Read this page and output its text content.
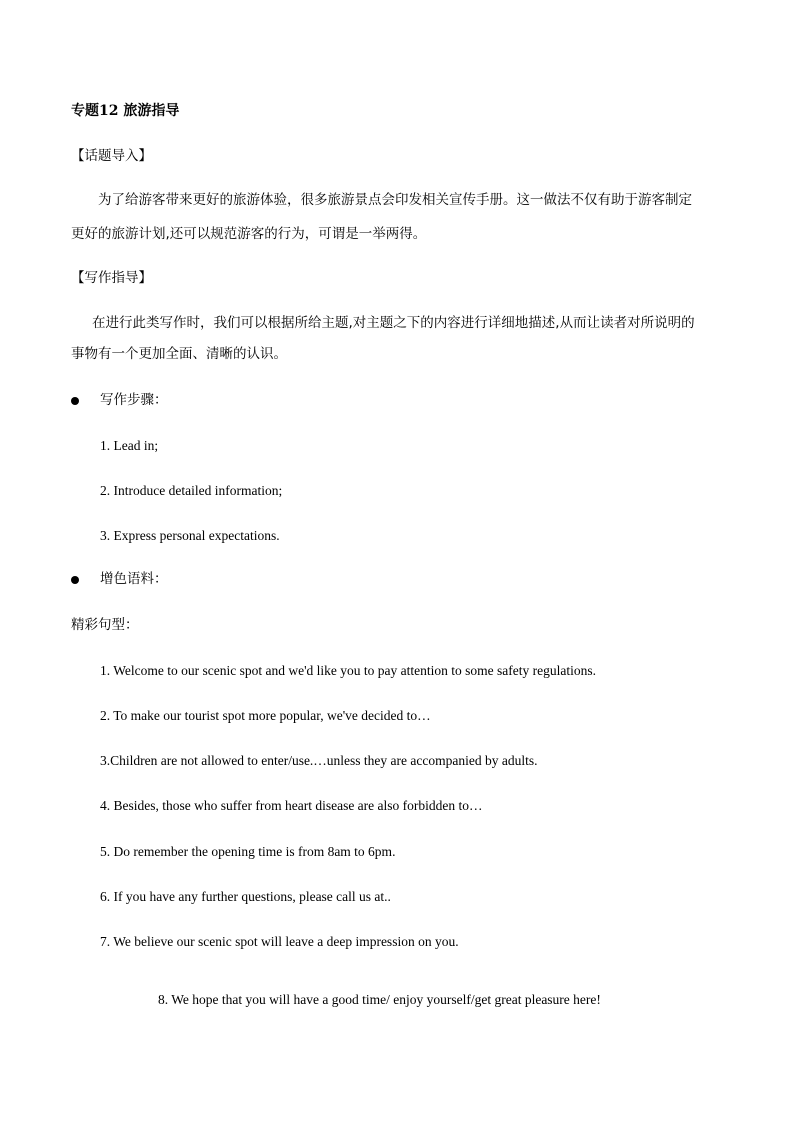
专题12 旅游指导
【话题导入】
为了给游客带来更好的旅游体验，很多旅游景点会印发相关宣传手册。这一做法不仅有助于游客制定
更好的旅游计划,还可以规范游客的行为，可谓是一举两得。
【写作指导】
在进行此类写作时，我们可以根据所给主题,对主题之下的内容进行详细地描述,从而让读者对所说明的
事物有一个更加全面、清晰的认识。
写作步骤：
1. Lead in;
2. Introduce detailed information;
3. Express personal expectations.
增色语料：
精彩句型：
1. Welcome to our scenic spot and we'd like you to pay attention to some safety regulations.
2. To make our tourist spot more popular, we've decided to…
3.Children are not allowed to enter/use.…unless they are accompanied by adults.
4. Besides, those who suffer from heart disease are also forbidden to…
5. Do remember the opening time is from 8am to 6pm.
6. If you have any further questions, please call us at..
7. We believe our scenic spot will leave a deep impression on you.
8. We hope that you will have a good time/ enjoy yourself/get great pleasure here!
